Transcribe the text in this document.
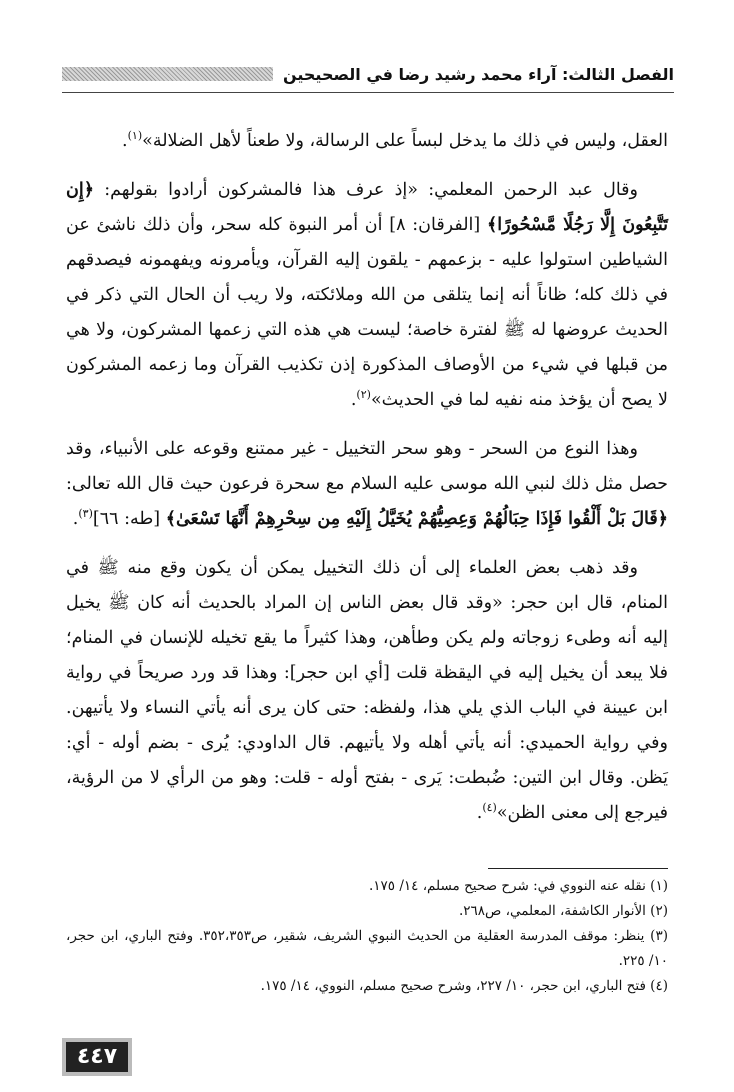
الفصل الثالث: آراء محمد رشيد رضا في الصحيحين

العقل، وليس في ذلك ما يدخل لبساً على الرسالة، ولا طعناً لأهل الضلالة»$^{(١)}$.

وقال عبد الرحمن المعلمي: «إذ عرف هذا فالمشركون أرادوا بقولهم: ﴿إِن تَتَّبِعُونَ إِلَّا رَجُلًا مَّسْحُورًا﴾ [الفرقان: ٨] أن أمر النبوة كله سحر، وأن ذلك ناشئ عن الشياطين استولوا عليه - بزعمهم - يلقون إليه القرآن، ويأمرونه ويفهمونه فيصدقهم في ذلك كله؛ ظاناً أنه إنما يتلقى من الله وملائكته، ولا ريب أن الحال التي ذكر في الحديث عروضها له ﷺ لفترة خاصة؛ ليست هي هذه التي زعمها المشركون، ولا هي من قبلها في شيء من الأوصاف المذكورة إذن تكذيب القرآن وما زعمه المشركون لا يصح أن يؤخذ منه نفيه لما في الحديث»$^{(٢)}$.

وهذا النوع من السحر - وهو سحر التخييل - غير ممتنع وقوعه على الأنبياء، وقد حصل مثل ذلك لنبي الله موسى عليه السلام مع سحرة فرعون حيث قال الله تعالى: ﴿قَالَ بَلْ أَلْقُوا فَإِذَا حِبَالُهُمْ وَعِصِيُّهُمْ يُخَيَّلُ إِلَيْهِ مِن سِحْرِهِمْ أَنَّهَا تَسْعَىٰ﴾ [طه: ٦٦]$^{(٣)}$.

وقد ذهب بعض العلماء إلى أن ذلك التخييل يمكن أن يكون وقع منه ﷺ في المنام، قال ابن حجر: «وقد قال بعض الناس إن المراد بالحديث أنه كان ﷺ يخيل إليه أنه وطىء زوجاته ولم يكن وطأهن، وهذا كثيراً ما يقع تخيله للإنسان في المنام؛ فلا يبعد أن يخيل إليه في اليقظة قلت [أي ابن حجر]: وهذا قد ورد صريحاً في رواية ابن عيينة في الباب الذي يلي هذا، ولفظه: حتى كان يرى أنه يأتي النساء ولا يأتيهن. وفي رواية الحميدي: أنه يأتي أهله ولا يأتيهم. قال الداودي: يُرى - بضم أوله - أي: يَظن. وقال ابن التين: ضُبطت: يَرى - بفتح أوله - قلت: وهو من الرأي لا من الرؤية، فيرجع إلى معنى الظن»$^{(٤)}$.

(١) نقله عنه النووي في: شرح صحيح مسلم، ١٤/ ١٧٥.

(٢) الأنوار الكاشفة، المعلمي، ص٢٦٨.

(٣) ينظر: موقف المدرسة العقلية من الحديث النبوي الشريف، شقير، ص٣٥٢،٣٥٣. وفتح الباري، ابن حجر، ١٠/ ٢٢٥.

(٤) فتح الباري، ابن حجر، ١٠/ ٢٢٧، وشرح صحيح مسلم، النووي، ١٤/ ١٧٥.

٤٤٧
